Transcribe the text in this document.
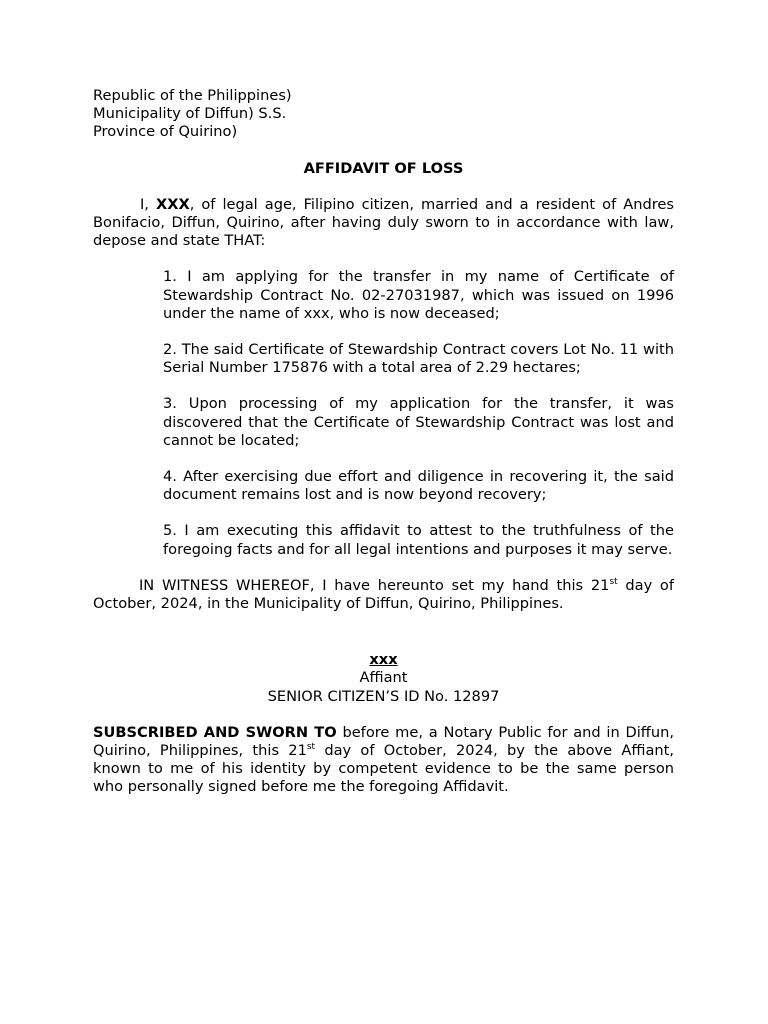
Republic of the Philippines)
Municipality of Diffun) S.S.
Province of Quirino)
AFFIDAVIT OF LOSS

I, XXX, of legal age, Filipino citizen, married and a resident of Andres Bonifacio, Diffun, Quirino, after having duly sworn to in accordance with law, depose and state THAT:

1. I am applying for the transfer in my name of Certificate of Stewardship Contract No. 02-27031987, which was issued on 1996 under the name of xxx, who is now deceased;
2. The said Certificate of Stewardship Contract covers Lot No. 11 with Serial Number 175876 with a total area of 2.29 hectares;
3. Upon processing of my application for the transfer, it was discovered that the Certificate of Stewardship Contract was lost and cannot be located;
4. After exercising due effort and diligence in recovering it, the said document remains lost and is now beyond recovery;
5. I am executing this affidavit to attest to the truthfulness of the foregoing facts and for all legal intentions and purposes it may serve.

IN WITNESS WHEREOF, I have hereunto set my hand this 21st day of October, 2024, in the Municipality of Diffun, Quirino, Philippines.

xxx
Affiant
SENIOR CITIZEN’S ID No. 12897

SUBSCRIBED AND SWORN TO before me, a Notary Public for and in Diffun, Quirino, Philippines, this 21st day of October, 2024, by the above Affiant, known to me of his identity by competent evidence to be the same person who personally signed before me the foregoing Affidavit.
